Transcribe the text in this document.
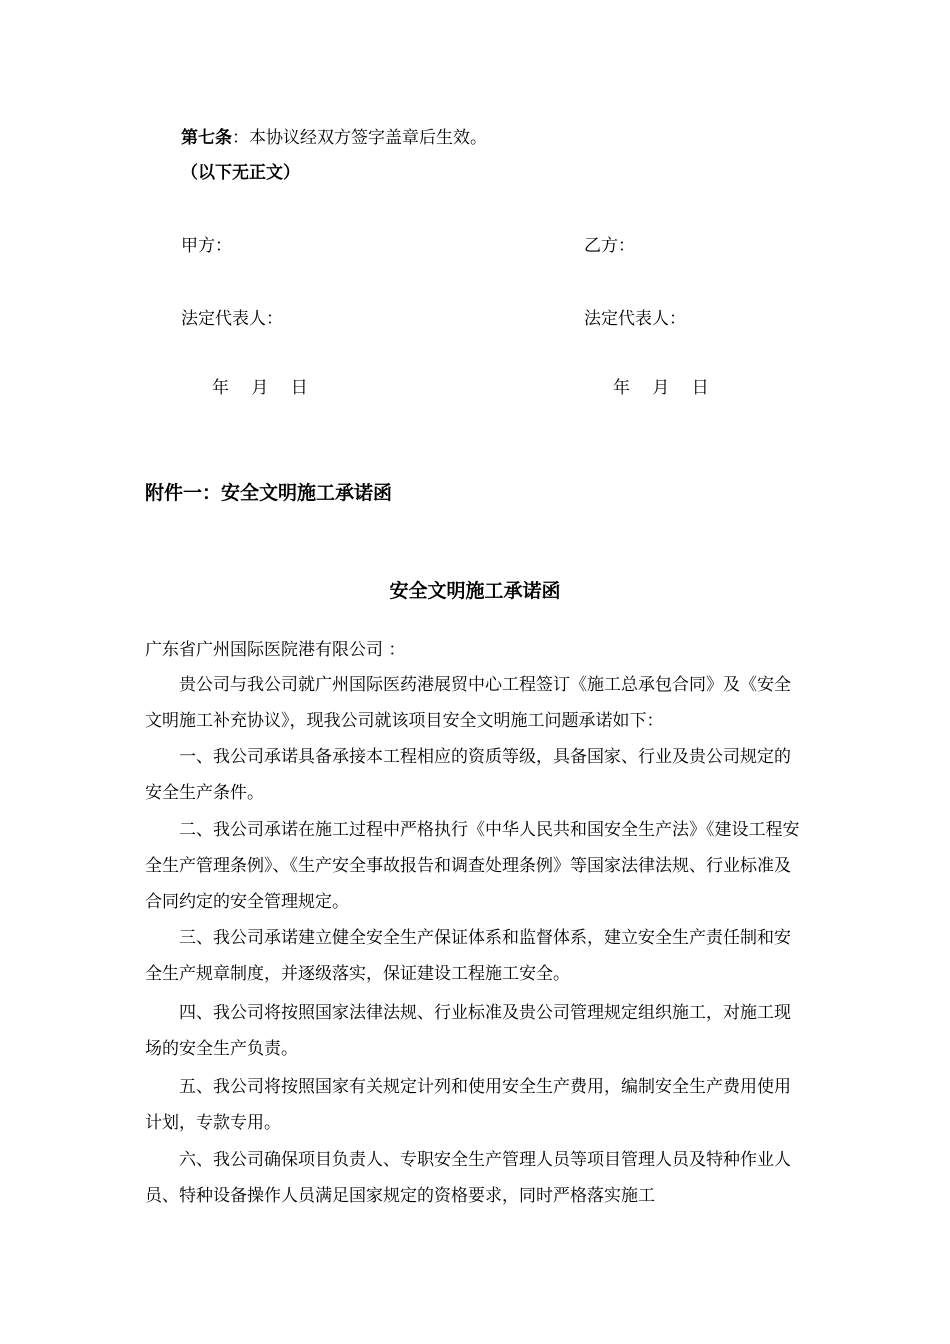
第七条：本协议经双方签字盖章后生效。
（以下无正文）
甲方：	乙方：
法定代表人：	法定代表人：
年　 月　 日	年　 月　 日
附件一：安全文明施工承诺函
安全文明施工承诺函
广东省广州国际医院港有限公司 ：

贵公司与我公司就广州国际医药港展贸中心工程签订《施工总承包合同》及《安全文明施工补充协议》，现我公司就该项目安全文明施工问题承诺如下：

一、我公司承诺具备承接本工程相应的资质等级，具备国家、行业及贵公司规定的安全生产条件。

二、我公司承诺在施工过程中严格执行《中华人民共和国安全生产法》《建设工程安全生产管理条例》、《生产安全事故报告和调查处理条例》等国家法律法规、行业标准及合同约定的安全管理规定。

三、我公司承诺建立健全安全生产保证体系和监督体系，建立安全生产责任制和安全生产规章制度，并逐级落实，保证建设工程施工安全。

四、我公司将按照国家法律法规、行业标准及贵公司管理规定组织施工，对施工现场的安全生产负责。

五、我公司将按照国家有关规定计列和使用安全生产费用，编制安全生产费用使用计划，专款专用。

六、我公司确保项目负责人、专职安全生产管理人员等项目管理人员及特种作业人员、特种设备操作人员满足国家规定的资格要求，同时严格落实施工
